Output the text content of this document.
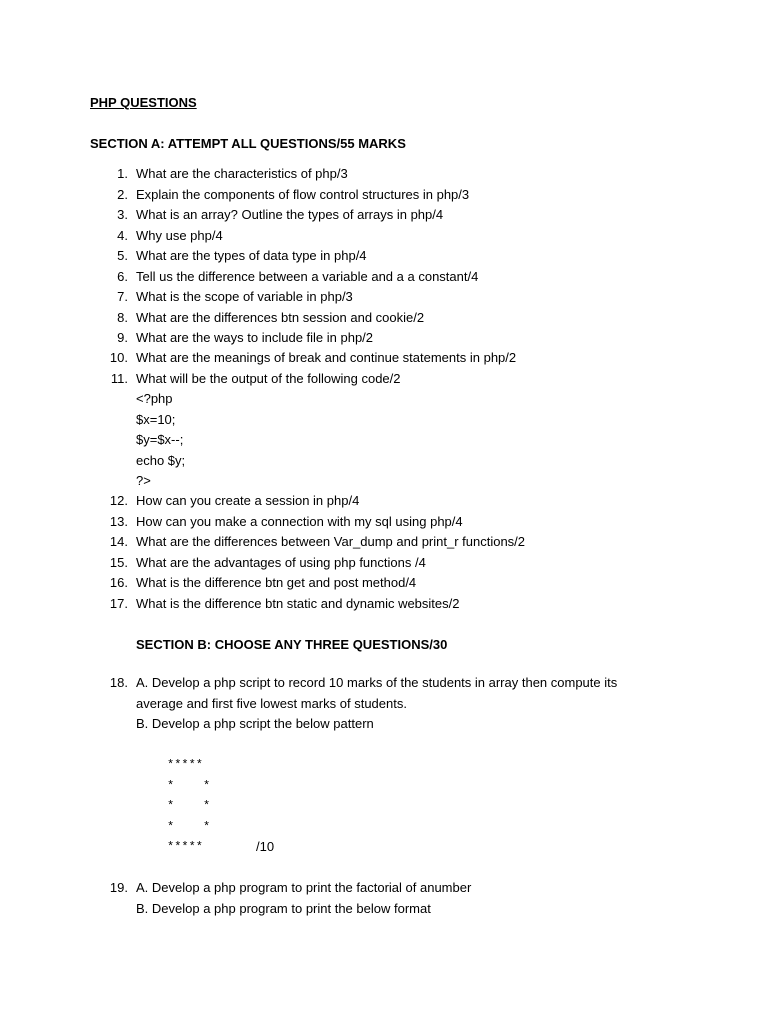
PHP QUESTIONS
SECTION A: ATTEMPT ALL QUESTIONS/55 MARKS
1. What are the characteristics of php/3
2. Explain the components of flow control structures in php/3
3. What is an array? Outline the types of arrays in php/4
4. Why use php/4
5. What are the types of data type in php/4
6. Tell us the difference between a variable and a a constant/4
7. What is the scope of variable in php/3
8. What are the differences btn session and cookie/2
9. What are the ways to include file in php/2
10. What are the meanings of break and continue statements in php/2
11. What will be the output of the following code/2
<?php
$x=10;
$y=$x--;
echo $y;
?>
12. How can you create a session in php/4
13. How can you make a connection with my sql using php/4
14. What are the differences between Var_dump and print_r functions/2
15. What are the advantages of using php functions /4
16. What is the difference btn get and post method/4
17. What is the difference btn static and dynamic websites/2
SECTION B: CHOOSE ANY THREE QUESTIONS/30
18. A. Develop a php script to record 10 marks of the students in array then compute its
average and first five lowest marks of students.
B. Develop a php script the below pattern
*****
*    *
*    *
*    *
*****	/10
19. A. Develop a php program to print the factorial of anumber
B. Develop a php program to print the below format
